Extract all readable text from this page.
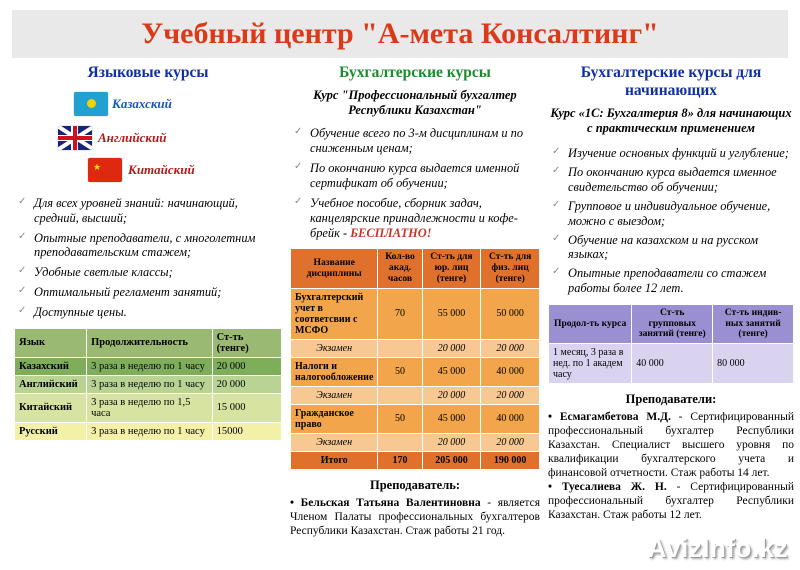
Учебный центр "А-мета Консалтинг"
Языковые курсы
Казахский
Английский
★ Китайский
✓ Для всех уровней знаний: начинающий, средний, высший;
✓ Опытные преподаватели, с многолетним преподавательским стажем;
✓ Удобные светлые классы;
✓ Оптимальный регламент занятий;
✓ Доступные цены.
Язык	Продолжительность	Ст-ть (тенге)
Казахский	3 раза в неделю по 1 часу	20 000
Английский	3 раза в неделю по 1 часу	20 000
Китайский	3 раза в неделю по 1,5 часа	15 000
Русский	3 раза в неделю по 1 часу	15000
Бухгалтерские курсы
Курс "Профессиональный бухгалтер Республики Казахстан"
✓ Обучение всего по 3-м дисциплинам и по сниженным ценам;
✓ По окончанию курса выдается именной сертификат об обучении;
✓ Учебное пособие, сборник задач, канцелярские принадлежности и кофе-брейк - БЕСПЛАТНО!
Название дисциплины	Кол-во акад. часов	Ст-ть для юр. лиц (тенге)	Ст-ть для физ. лиц (тенге)
Бухгалтерский учет в соответсвии с МСФО	70	55 000	50 000
Экзамен		20 000	20 000
Налоги и налогообложение	50	45 000	40 000
Экзамен		20 000	20 000
Гражданское право	50	45 000	40 000
Экзамен		20 000	20 000
Итого	170	205 000	190 000
Преподаватель:
• Бельская Татьяна Валентиновна - является Членом Палаты профессиональных бухгалтеров Республики Казахстан. Стаж работы 21 год.
Бухгалтерские курсы для начинающих
Курс «1С: Бухгалтерия 8» для начинающих с практическим применением
✓ Изучение основных функций и углубление;
✓ По окончанию курса выдается именное свидетельство об обучении;
✓ Групповое и индивидуальное обучение, можно с выездом;
✓ Обучение на казахском и на русском языках;
✓ Опытные преподаватели со стажем работы более 12 лет.
Продол-ть курса	Ст-ть групповых занятий (тенге)	Ст-ть индив-ных занятий (тенге)
1 месяц, 3 раза в нед. по 1 академ часу	40 000	80 000
Преподаватели:
• Есмагамбетова М.Д. - Сертифицированный профессиональный бухгалтер Республики Казахстан. Специалист высшего уровня по квалификации бухгалтерского учета и финансовой отчетности. Стаж работы 14 лет.
• Туесалиева Ж. Н. - Сертифицированный профессиональный бухгалтер Республики Казахстан. Стаж работы 12 лет.
AvizInfo.kz
